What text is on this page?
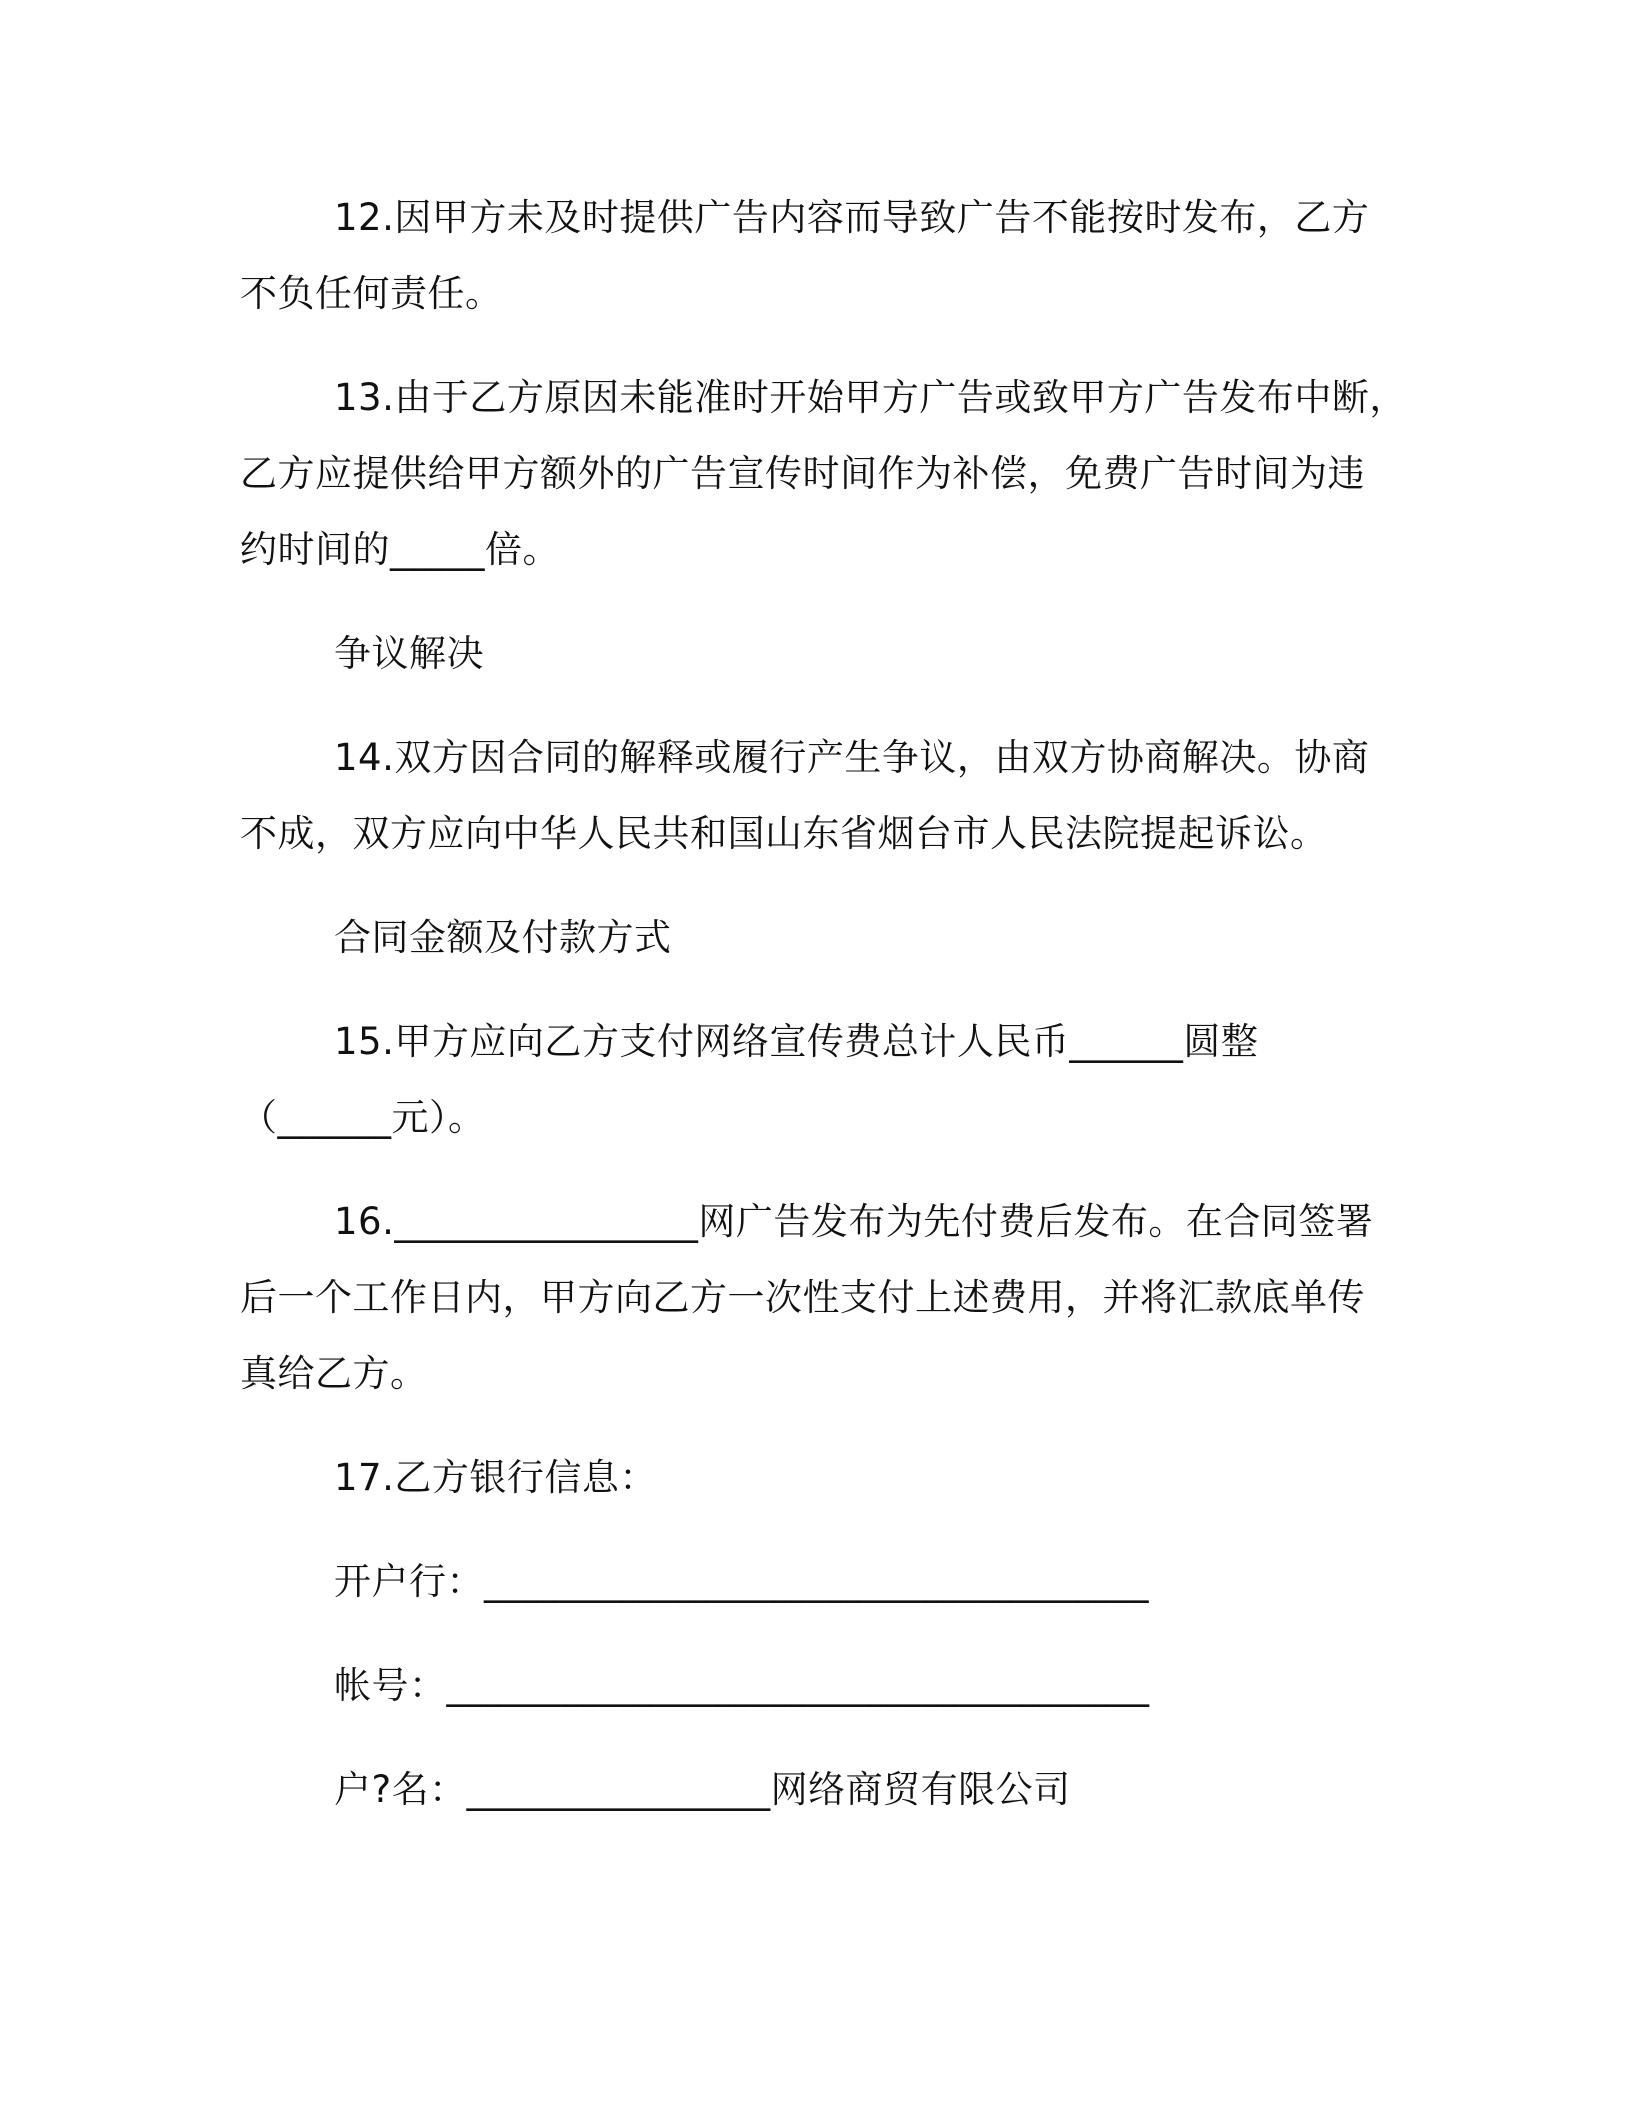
12.因甲方未及时提供广告内容而导致广告不能按时发布，乙方
不负任何责任。
13.由于乙方原因未能准时开始甲方广告或致甲方广告发布中断，
乙方应提供给甲方额外的广告宣传时间作为补偿，免费广告时间为违
约时间的_____倍。
争议解决
14.双方因合同的解释或履行产生争议，由双方协商解决。协商
不成，双方应向中华人民共和国山东省烟台市人民法院提起诉讼。
合同金额及付款方式
15.甲方应向乙方支付网络宣传费总计人民币______圆整
（______元）。
16.________________网广告发布为先付费后发布。在合同签署
后一个工作日内，甲方向乙方一次性支付上述费用，并将汇款底单传
真给乙方。
17.乙方银行信息：
开户行：___________________________________
帐号：_____________________________________
户?名：________________网络商贸有限公司
